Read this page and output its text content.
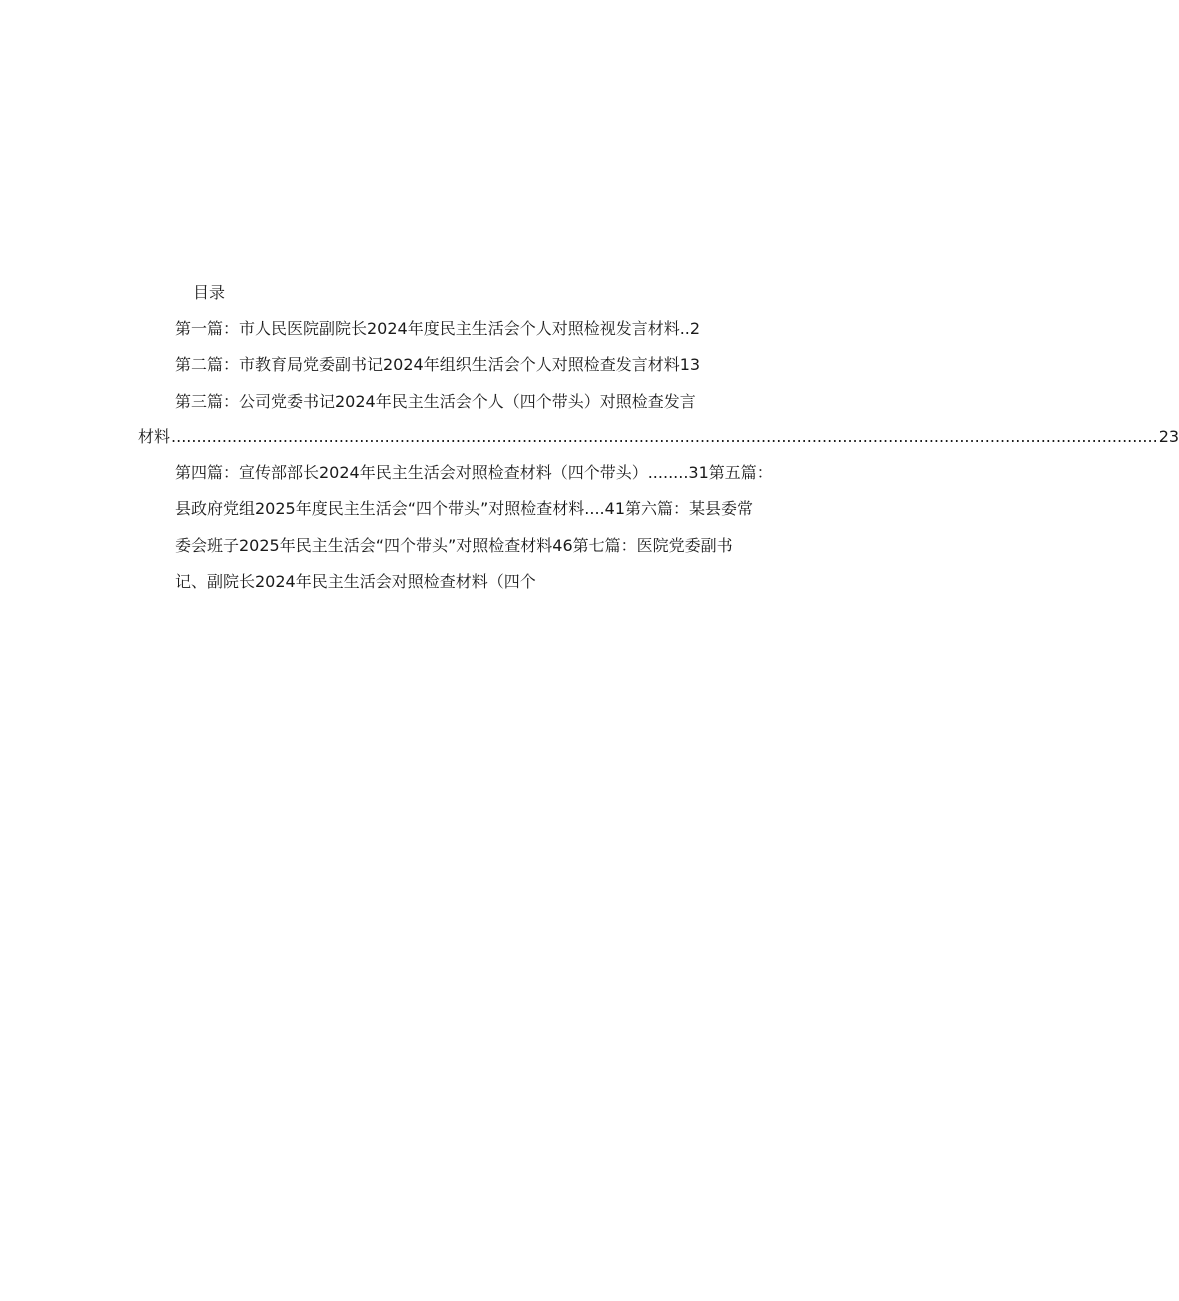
目录
第一篇：市人民医院副院长2024年度民主生活会个人对照检视发言材料..2
第二篇：市教育局党委副书记2024年组织生活会个人对照检查发言材料13
第三篇：公司党委书记2024年民主生活会个人（四个带头）对照检查发言
材料 .................................................................................................................................................................................................. 23
第四篇：宣传部部长2024年民主生活会对照检查材料（四个带头）........31第五篇：
县政府党组2025年度民主生活会“四个带头”对照检查材料....41第六篇：某县委常
委会班子2025年民主生活会“四个带头”对照检查材料46第七篇：医院党委副书
记、副院长2024年民主生活会对照检查材料（四个
